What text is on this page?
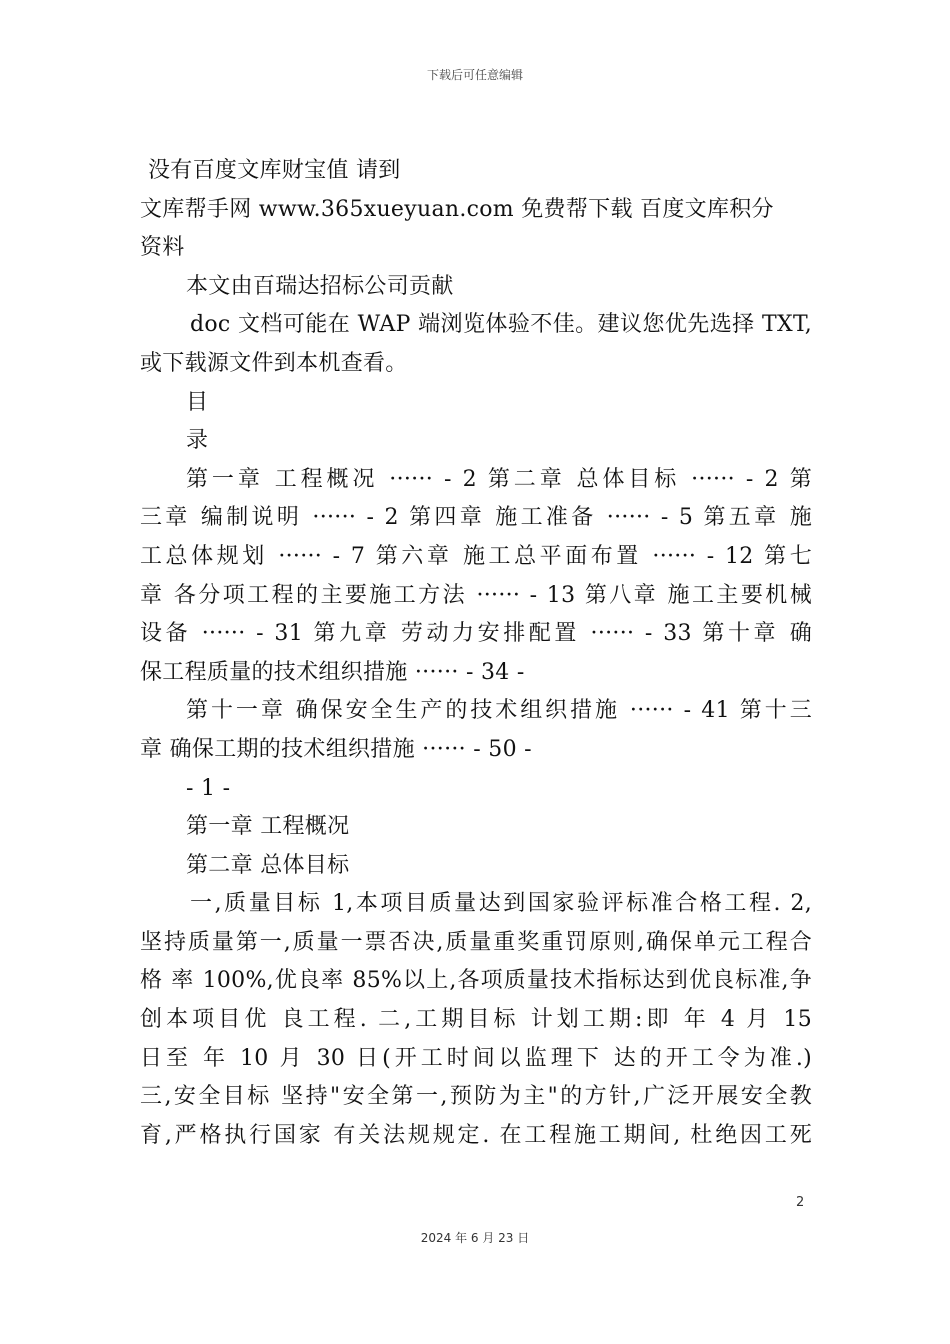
下载后可任意编辑
没有百度文库财宝值 请到
文库帮手网 www.365xueyuan.com 免费帮下载 百度文库积分
资料
本文由百瑞达招标公司贡献
doc 文档可能在 WAP 端浏览体验不佳。建议您优先选择 TXT,
或下载源文件到本机查看。
目
录
第一章 工程概况 ······ - 2 第二章 总体目标 ······ - 2 第
三章 编制说明 ······ - 2 第四章 施工准备 ······ - 5 第五章 施
工总体规划 ······ - 7 第六章 施工总平面布置 ······ - 12 第七
章 各分项工程的主要施工方法 ······ - 13 第八章 施工主要机械
设备 ······ - 31 第九章 劳动力安排配置 ······ - 33 第十章 确
保工程质量的技术组织措施 ······ - 34 -
第十一章 确保安全生产的技术组织措施 ······ - 41 第十三
章 确保工期的技术组织措施 ······ - 50 -
- 1 -
第一章 工程概况
第二章 总体目标
一,质量目标 1,本项目质量达到国家验评标准合格工程. 2,
坚持质量第一,质量一票否决,质量重奖重罚原则,确保单元工程合
格 率 100%,优良率 85%以上,各项质量技术指标达到优良标准,争
创本项目优 良工程. 二,工期目标 计划工期:即 年 4 月 15
日至 年 10 月 30 日(开工时间以监理下 达的开工令为准.)
三,安全目标 坚持"安全第一,预防为主"的方针,广泛开展安全教
育,严格执行国家 有关法规规定. 在工程施工期间, 杜绝因工死
2
2024 年 6 月 23 日
